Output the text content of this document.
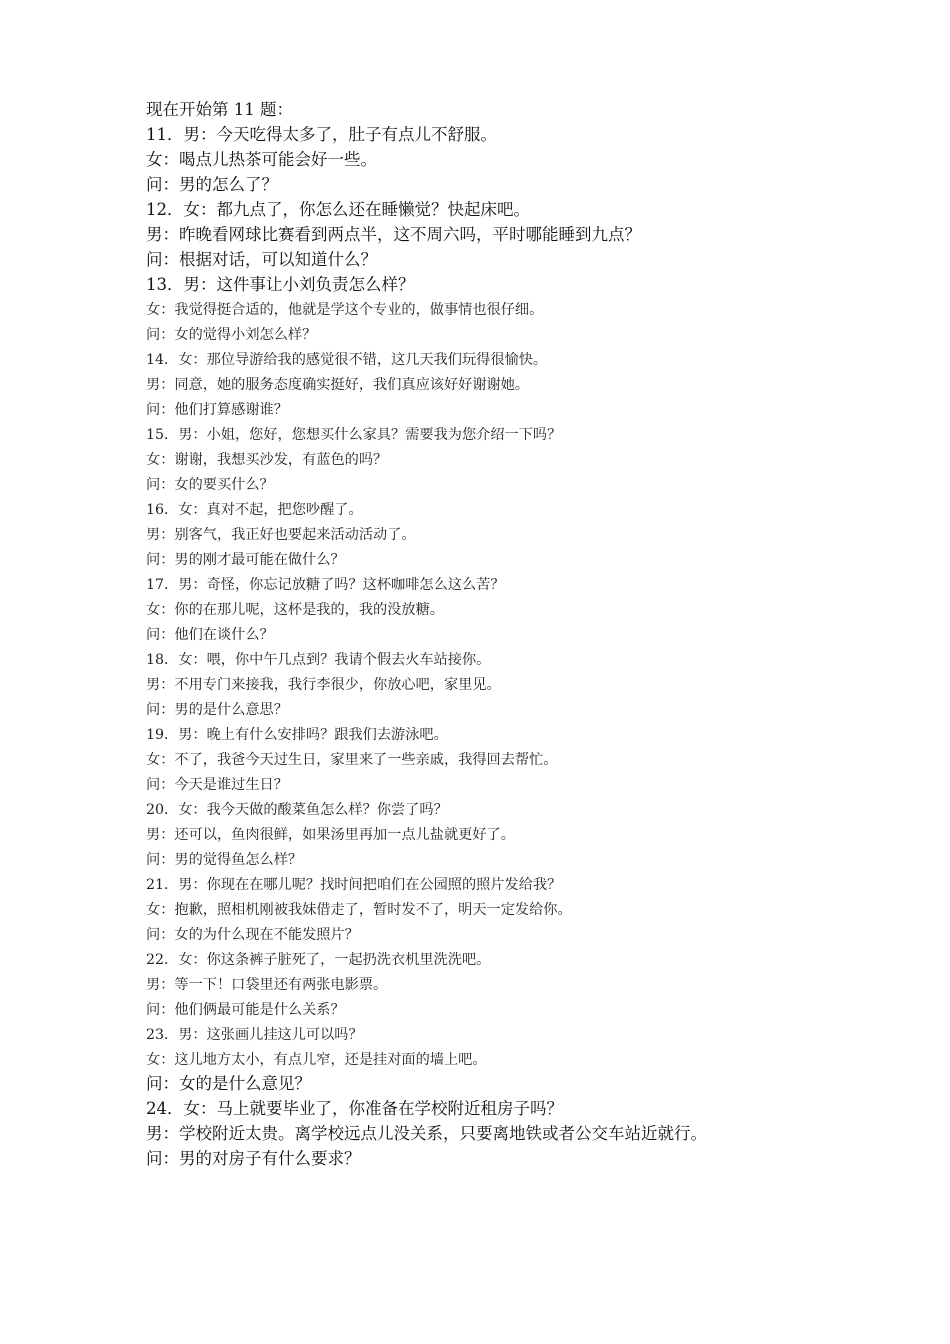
现在开始第 11 题：
11．男：今天吃得太多了，肚子有点儿不舒服。
女：喝点儿热茶可能会好一些。
问：男的怎么了？
12．女：都九点了，你怎么还在睡懒觉？快起床吧。
男：昨晚看网球比赛看到两点半，这不周六吗，平时哪能睡到九点？
问：根据对话，可以知道什么？
13．男：这件事让小刘负责怎么样？
女：我觉得挺合适的，他就是学这个专业的，做事情也很仔细。
问：女的觉得小刘怎么样？
14．女：那位导游给我的感觉很不错，这几天我们玩得很愉快。
男：同意，她的服务态度确实挺好，我们真应该好好谢谢她。
问：他们打算感谢谁？
15．男：小姐，您好，您想买什么家具？需要我为您介绍一下吗？
女：谢谢，我想买沙发，有蓝色的吗？
问：女的要买什么？
16．女：真对不起，把您吵醒了。
男：别客气，我正好也要起来活动活动了。
问：男的刚才最可能在做什么？
17．男：奇怪，你忘记放糖了吗？这杯咖啡怎么这么苦？
女：你的在那儿呢，这杯是我的，我的没放糖。
问：他们在谈什么？
18．女：喂，你中午几点到？我请个假去火车站接你。
男：不用专门来接我，我行李很少，你放心吧，家里见。
问：男的是什么意思？
19．男：晚上有什么安排吗？跟我们去游泳吧。
女：不了，我爸今天过生日，家里来了一些亲戚，我得回去帮忙。
问：今天是谁过生日？
20．女：我今天做的酸菜鱼怎么样？你尝了吗？
男：还可以，鱼肉很鲜，如果汤里再加一点儿盐就更好了。
问：男的觉得鱼怎么样？
21．男：你现在在哪儿呢？找时间把咱们在公园照的照片发给我？
女：抱歉，照相机刚被我妹借走了，暂时发不了，明天一定发给你。
问：女的为什么现在不能发照片？
22．女：你这条裤子脏死了，一起扔洗衣机里洗洗吧。
男：等一下！口袋里还有两张电影票。
问：他们俩最可能是什么关系？
23．男：这张画儿挂这儿可以吗？
女：这儿地方太小，有点儿窄，还是挂对面的墙上吧。
问：女的是什么意见？
24．女：马上就要毕业了，你准备在学校附近租房子吗？
男：学校附近太贵。离学校远点儿没关系，只要离地铁或者公交车站近就行。
问：男的对房子有什么要求？
